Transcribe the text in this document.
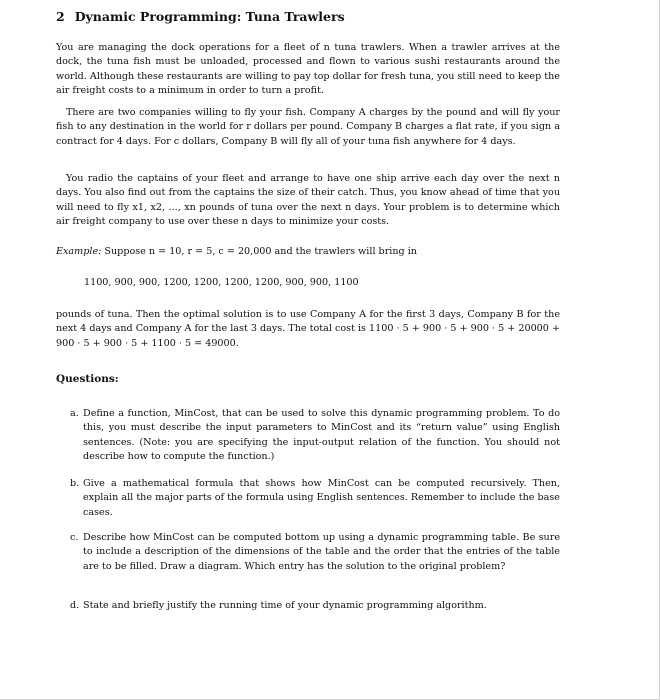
2 Dynamic Programming: Tuna Trawlers

You are managing the dock operations for a fleet of n tuna trawlers. When a trawler arrives at the dock, the tuna fish must be unloaded, processed and flown to various sushi restaurants around the world. Although these restaurants are willing to pay top dollar for fresh tuna, you still need to keep the air freight costs to a minimum in order to turn a profit.

There are two companies willing to fly your fish. Company A charges by the pound and will fly your fish to any destination in the world for r dollars per pound. Company B charges a flat rate, if you sign a contract for 4 days. For c dollars, Company B will fly all of your tuna fish anywhere for 4 days.

You radio the captains of your fleet and arrange to have one ship arrive each day over the next n days. You also find out from the captains the size of their catch. Thus, you know ahead of time that you will need to fly x1, x2, ..., xn pounds of tuna over the next n days. Your problem is to determine which air freight company to use over these n days to minimize your costs.

Example: Suppose n = 10, r = 5, c = 20,000 and the trawlers will bring in

1100, 900, 900, 1200, 1200, 1200, 1200, 900, 900, 1100

pounds of tuna. Then the optimal solution is to use Company A for the first 3 days, Company B for the next 4 days and Company A for the last 3 days. The total cost is 1100 · 5 + 900 · 5 + 900 · 5 + 20000 + 900 · 5 + 900 · 5 + 1100 · 5 = 49000.

Questions:
a. Define a function, MinCost, that can be used to solve this dynamic programming problem. To do this, you must describe the input parameters to MinCost and its “return value” using English sentences. (Note: you are specifying the input-output relation of the function. You should not describe how to compute the function.)
b. Give a mathematical formula that shows how MinCost can be computed recursively. Then, explain all the major parts of the formula using English sentences. Remember to include the base cases.
c. Describe how MinCost can be computed bottom up using a dynamic programming table. Be sure to include a description of the dimensions of the table and the order that the entries of the table are to be filled. Draw a diagram. Which entry has the solution to the original problem?
d. State and briefly justify the running time of your dynamic programming algorithm.
